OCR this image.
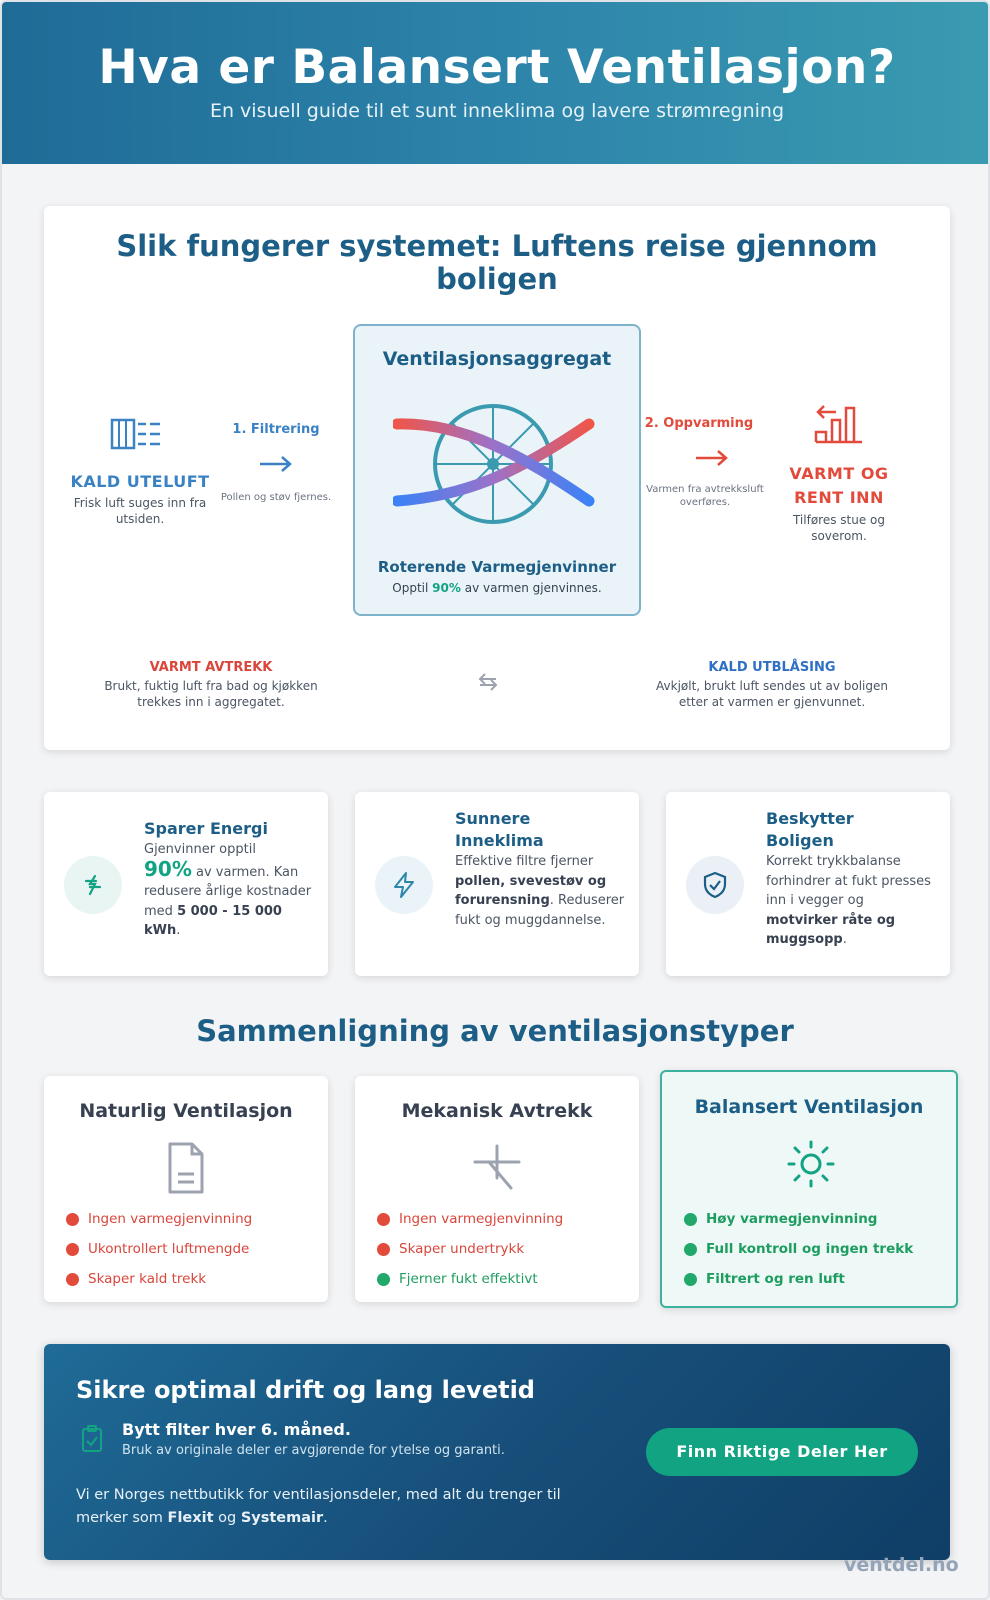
Hva er Balansert Ventilasjon?

En visuell guide til et sunt inneklima og lavere strømregning

Slik fungerer systemet: Luftens reise gjennom boligen
KALD UTELUFT
Frisk luft suges inn fra utsiden.
1. Filtrering
Pollen og støv fjernes.
Ventilasjonsaggregat
Roterende Varmegjenvinner
Opptil 90% av varmen gjenvinnes.
2. Oppvarming
Varmen fra avtrekksluft overføres.
VARMT OG RENT INN
Tilføres stue og soverom.
VARMT AVTREKK
Brukt, fuktig luft fra bad og kjøkken trekkes inn i aggregatet.
KALD UTBLÅSING
Avkjølt, brukt luft sendes ut av boligen etter at varmen er gjenvunnet.
Sparer Energi
Gjenvinner opptil
90% av varmen. Kan redusere årlige kostnader med 5 000 - 15 000 kWh.
Sunnere Inneklima
Effektive filtre fjerner pollen, svevestøv og forurensning. Reduserer fukt og muggdannelse.
Beskytter Boligen
Korrekt trykkbalanse forhindrer at fukt presses inn i vegger og motvirker råte og muggsopp.
Sammenligning av ventilasjonstyper
Naturlig Ventilasjon
Ingen varmegjenvinning
Ukontrollert luftmengde
Skaper kald trekk
Mekanisk Avtrekk
Ingen varmegjenvinning
Skaper undertrykk
Fjerner fukt effektivt
Balansert Ventilasjon
Høy varmegjenvinning
Full kontroll og ingen trekk
Filtrert og ren luft
Sikre optimal drift og lang levetid
Bytt filter hver 6. måned.
Bruk av originale deler er avgjørende for ytelse og garanti.
Vi er Norges nettbutikk for ventilasjonsdeler, med alt du trenger til merker som Flexit og Systemair.
Finn Riktige Deler Her
ventdel.no
